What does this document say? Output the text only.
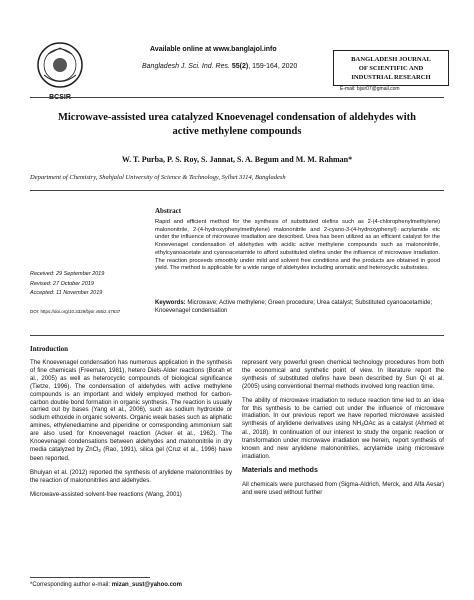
Available online at www.banglajol.info
Bangladesh J. Sci. Ind. Res. 55(2), 159-164, 2020
BANGLADESH JOURNAL
OF SCIENTIFIC AND
INDUSTRIAL RESEARCH
E-mail: bjsir07@gmail.com
Microwave-assisted urea catalyzed Knoevenagel condensation of aldehydes with
active methylene compounds
W. T. Purba, P. S. Roy, S. Jannat, S. A. Begum and M. M. Rahman*
Department of Chemistry, Shahjalal University of Science & Technology, Sylhet 3114, Bangladesh
Abstract
Rapid and efficient method for the synthesis of substituted olefins such as 2-(4-chlorophenylmethylene) malononitrile, 2-(4-hydroxyphenylmethylene) malononitrile and 2-cyano-3-(4-hydroxyphenyl) acrylamide etc under the influence of microwave irradiation are described. Urea has been utilized as an efficient catalyst for the Knoevenagel condensation of aldehydes with acidic active methylene compounds such as malononitrile, ethylcyanoacetate and cyanoacetamide to afford substituted olefins under the influence of microwave irradiation. The reaction proceeds smoothly under mild and solvent free conditions and the products are obtained in good yield. The method is applicable for a wide range of aldehydes including aromatic and heterocyclic substrates.
Received: 29 September 2019
Revised: 27 October 2019
Accepted: 11 November 2019
DOI: https://doi.org/10.3329/bjsir.v55i2.47637
Keywords: Microwave; Active methylene; Green procedure; Urea catalyst; Substituted cyanoacetamide; Knoevenagel condensation
Introduction

The Knoevenagel condensation has numerous application in the synthesis of fine chemicals (Freeman, 1981), hetero Diels-Alder reactions (Borah et al., 2005) as well as heterocyclic compounds of biological significance (Tietze, 1996). The condensation of aldehydes with active methylene compounds is an important and widely employed method for carbon-carbon double bond formation in organic synthesis. The reaction is usually carried out by bases (Yang et al., 2006), such as sodium hydroxide or sodium ethoxide in organic solvents. Organic weak bases such as aliphatic amines, ethylenediamine and piperidine or corresponding ammonium salt are also used for Knoevenagel reaction (Acker et al., 1962). The Knoevenagel condensations between aldehydes and malononitrile in dry media catalyzed by ZnCl$_2$ (Rao, 1991), silica gel (Cruz et al., 1996) have been reported.

Bhuiyan et al. (2012) reported the synthesis of arylidene malononitriles by the reaction of malononitriles and aldehydes.

Microwave-assisted solvent-free reactions (Wang, 2001)

represent very powerful green chemical technology procedures from both the economical and synthetic point of view. In literature report the synthesis of substituted olefins have been described by Sun Qi et al. (2005) using conventional thermal methods involved long reaction time.

The ability of microwave irradiation to reduce reaction time led to an idea for this synthesis to be carried out under the influence of microwave irradiation. In our previous report we have reported microwave assisted synthesis of arylidene derivatives using $NH_4OAc$ as a catalyst (Ahmed et al., 2018). In continuation of our interest to study the organic reaction or transformation under microwave irradiation we herein, report synthesis of known and new arylidene malononitriles, acrylamide using microwave irradiation.

Materials and methods

All chemicals were purchased from (Sigma-Aldrich, Merck, and Alfa Aesar) and were used without further

*Corresponding author e-mail: mizan_sust@yahoo.com
